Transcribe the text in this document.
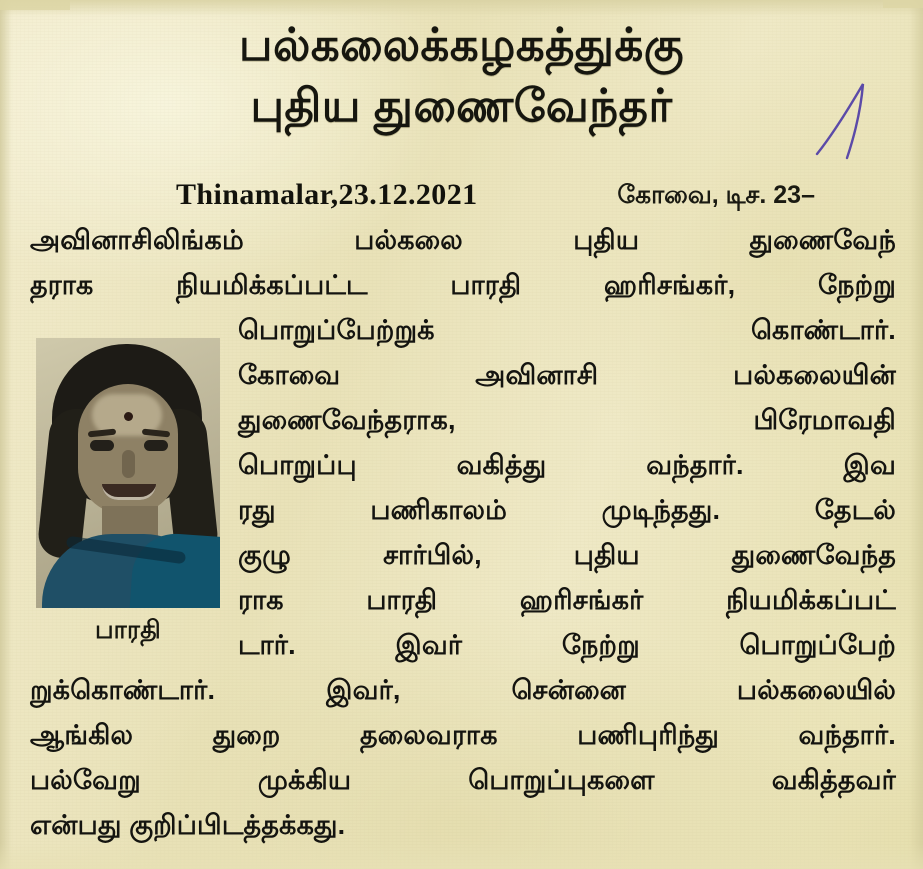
பல்கலைக்கழகத்துக்கு
புதிய துணைவேந்தர்
Thinamalar,23.12.2021	கோவை, டிச. 23–
பாரதி
அவினாசிலிங்கம் பல்கலை புதிய துணைவேந்
தராக நியமிக்கப்பட்ட பாரதி ஹரிசங்கர், நேற்று
பொறுப்பேற்றுக்      கொண்டார்.
கோவை அவினாசி பல்கலையின்
துணைவேந்தராக,      பிரேமாவதி
பொறுப்பு வகித்து வந்தார். இவ
ரது பணிகாலம் முடிந்தது. தேடல்
குழு சார்பில், புதிய துணைவேந்த
ராக பாரதி ஹரிசங்கர் நியமிக்கப்பட்
டார். இவர் நேற்று பொறுப்பேற்
றுக்கொண்டார். இவர், சென்னை பல்கலையில்
ஆங்கில துறை தலைவராக பணிபுரிந்து வந்தார்.
பல்வேறு முக்கிய பொறுப்புகளை வகித்தவர்
என்பது குறிப்பிடத்தக்கது.
